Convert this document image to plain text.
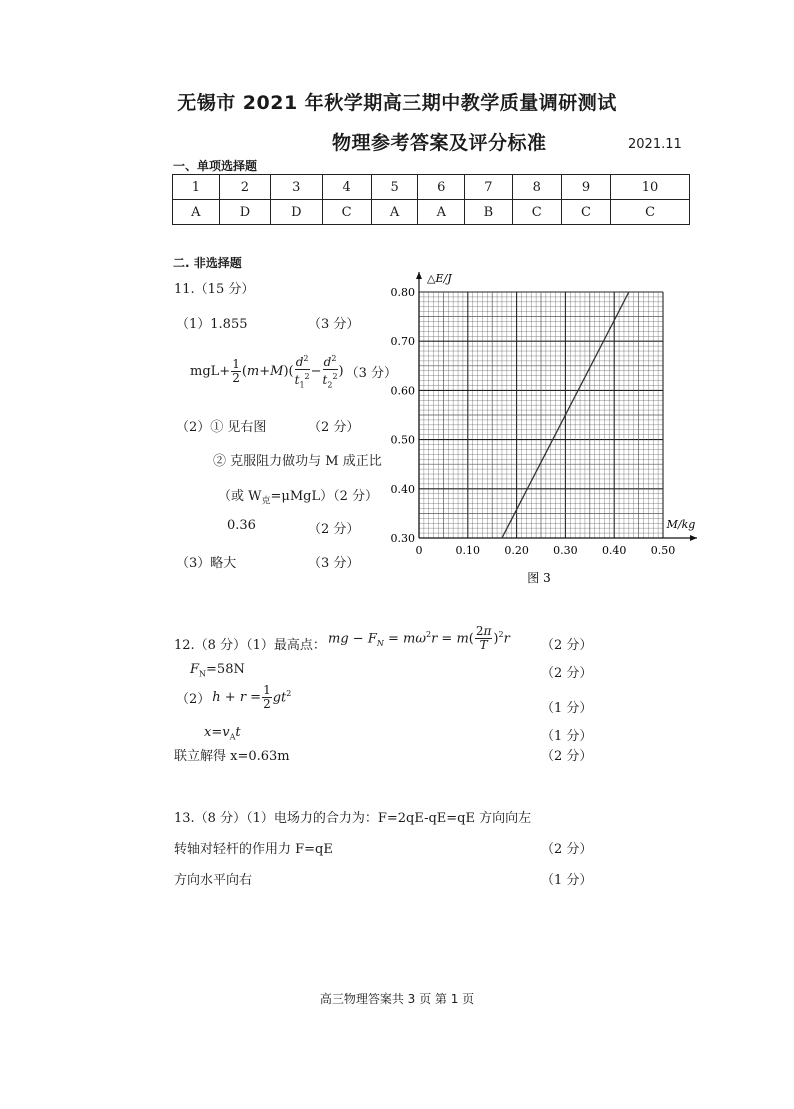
无锡市 2021 年秋学期高三期中教学质量调研测试
物理参考答案及评分标准	2021.11
一、单项选择题
1	2	3	4	5	6	7	8	9	10
A	D	D	C	A	A	B	C	C	C
二. 非选择题
11.（15 分）
（1）1.855	（3 分）
$mgL+ \frac{1}{2} (m+M)( \frac{d^2}{t_1^2} - \frac{d^2}{t_2^2}$ ) （3 分）
（2）① 见右图	（2 分）
② 克服阻力做功与 M 成正比
（或 $W_克=\mu MgL)(2$ 分）
0.36	（2 分）
（3）略大	（3 分）
0.30
0.40
0.50
0.60
0.70
0.80
0	0.10 0.20 0.30 0.40 0.50
△E/J
M/kg
图 3
12.（8 分）（1）最高点： mg − $F_N = m\omega^2r = m( \frac{2\pi}{T} )^2r$ （2 分）
$F_N=58N$	（2 分）
（2） $h + r = \frac{1}{2} gt^2$
（1 分）
$x=v_At$	（1 分）
联立解得 x=0.63m	（2 分）
13.（8 分）（1）电场力的合力为：F=2qE-qE=qE 方向向左
转轴对轻杆的作用力 F=qE	（2 分）
方向水平向右	（1 分）
高三物理答案共 3 页 第 1 页
